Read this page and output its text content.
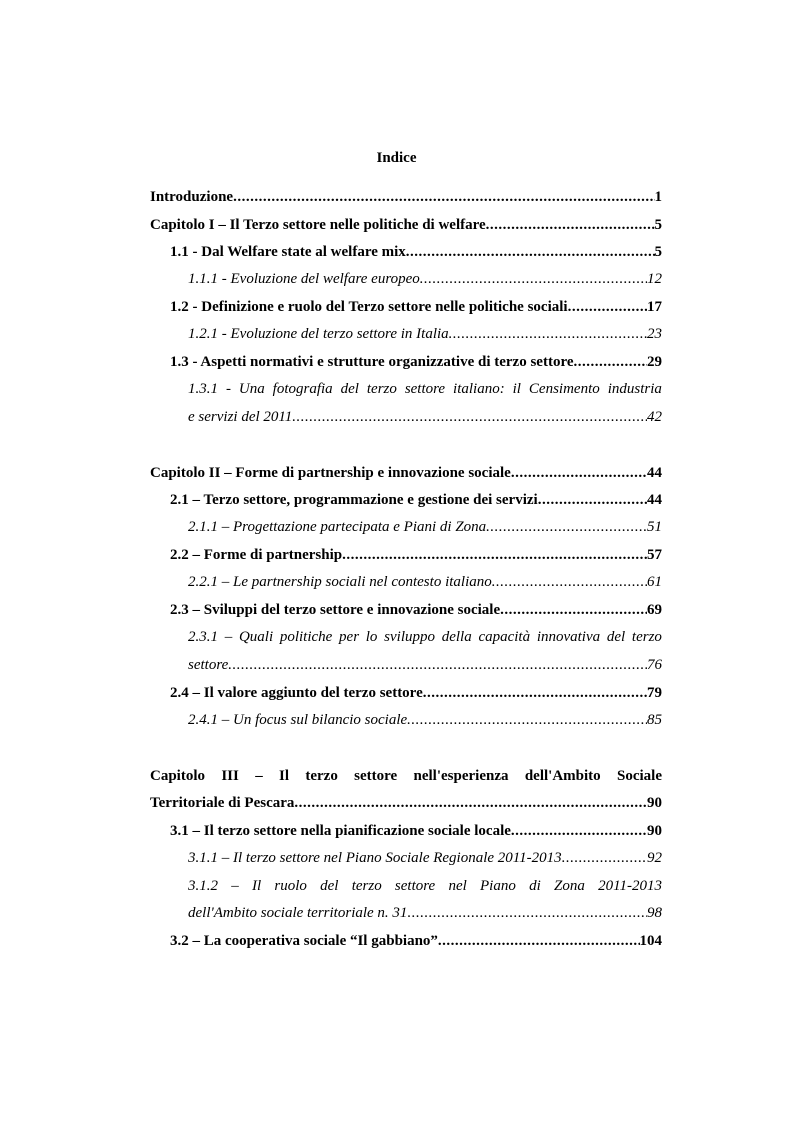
Indice
Introduzione .....	1
Capitolo I – Il Terzo settore nelle politiche di welfare .....	5
1.1 - Dal Welfare state al welfare mix .....	5
1.1.1 - Evoluzione del welfare europeo .....	12
1.2 - Definizione e ruolo del Terzo settore nelle politiche sociali .....	17
1.2.1 - Evoluzione del terzo settore in Italia .....	23
1.3 - Aspetti normativi e strutture organizzative di terzo settore .....	29
1.3.1 - Una fotografia del terzo settore italiano: il Censimento industria
e servizi del 2011 .....	42
Capitolo II – Forme di partnership e innovazione sociale .....	44
2.1 – Terzo settore, programmazione e gestione dei servizi .....	44
2.1.1 – Progettazione partecipata e Piani di Zona .....	51
2.2 – Forme di partnership .....	57
2.2.1 – Le partnership sociali nel contesto italiano .....	61
2.3 – Sviluppi del terzo settore e innovazione sociale .....	69
2.3.1 – Quali politiche per lo sviluppo della capacità innovativa del terzo
settore .....	76
2.4 – Il valore aggiunto del terzo settore .....	79
2.4.1 – Un focus sul bilancio sociale .....	85
Capitolo III – Il terzo settore nell'esperienza dell'Ambito Sociale
Territoriale di Pescara .....	90
3.1 – Il terzo settore nella pianificazione sociale locale .....	90
3.1.1 – Il terzo settore nel Piano Sociale Regionale 2011-2013 .....	92
3.1.2 – Il ruolo del terzo settore nel Piano di Zona 2011-2013
dell'Ambito sociale territoriale n. 31 .....	98
3.2 – La cooperativa sociale “Il gabbiano” .....	104
